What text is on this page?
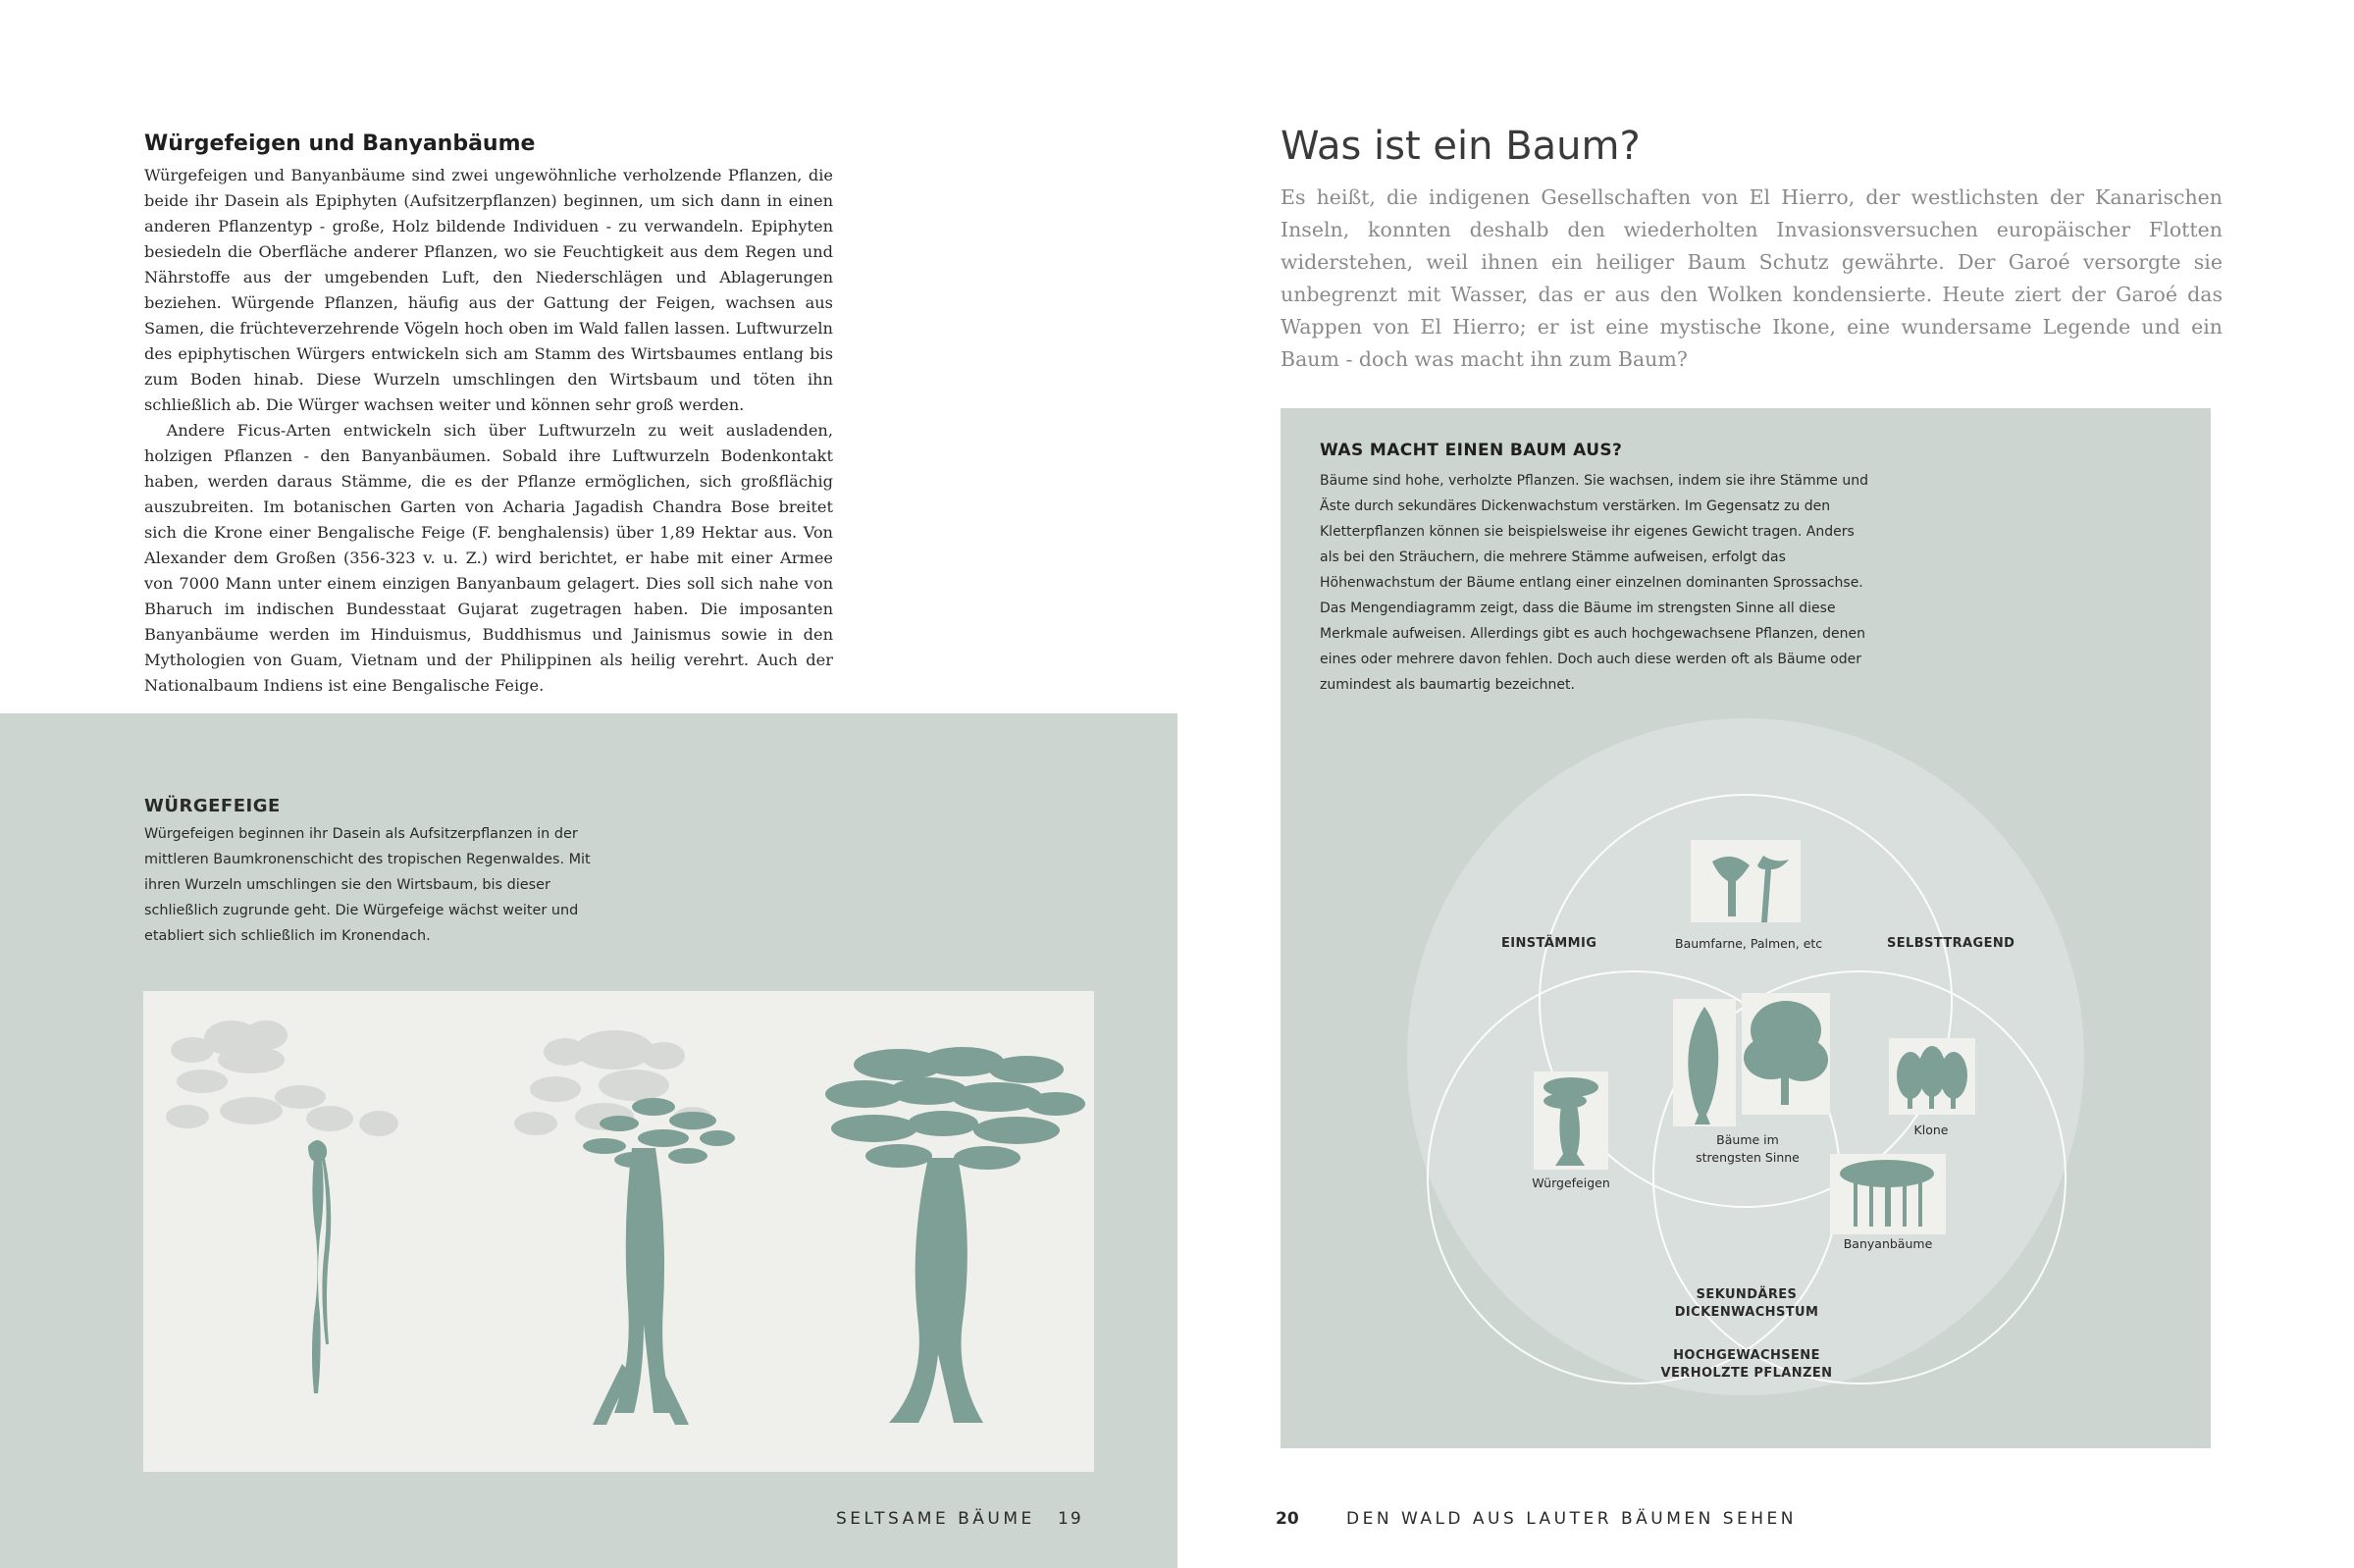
Würgefeigen und Banyanbäume

Würgefeigen und Banyanbäume sind zwei ungewöhnliche verholzende Pflanzen, die beide ihr Dasein als Epiphyten (Aufsitzerpflanzen) beginnen, um sich dann in einen anderen Pflanzentyp - große, Holz bildende Individuen - zu verwandeln. Epiphyten besiedeln die Oberfläche anderer Pflanzen, wo sie Feuchtigkeit aus dem Regen und Nährstoffe aus der umgebenden Luft, den Niederschlägen und Ablagerungen beziehen. Würgende Pflanzen, häufig aus der Gattung der Feigen, wachsen aus Samen, die früchteverzehrende Vögeln hoch oben im Wald fallen lassen. Luftwurzeln des epiphytischen Würgers entwickeln sich am Stamm des Wirtsbaumes entlang bis zum Boden hinab. Diese Wurzeln umschlingen den Wirtsbaum und töten ihn schließlich ab. Die Würger wachsen weiter und können sehr groß werden.

Andere Ficus-Arten entwickeln sich über Luftwurzeln zu weit ausladenden, holzigen Pflanzen - den Banyanbäumen. Sobald ihre Luftwurzeln Bodenkontakt haben, werden daraus Stämme, die es der Pflanze ermöglichen, sich großflächig auszubreiten. Im botanischen Garten von Acharia Jagadish Chandra Bose breitet sich die Krone einer Bengalische Feige (F. benghalensis) über 1,89 Hektar aus. Von Alexander dem Großen (356-323 v. u. Z.) wird berichtet, er habe mit einer Armee von 7000 Mann unter einem einzigen Banyanbaum gelagert. Dies soll sich nahe von Bharuch im indischen Bundesstaat Gujarat zugetragen haben. Die imposanten Banyanbäume werden im Hinduismus, Buddhismus und Jainismus sowie in den Mythologien von Guam, Vietnam und der Philippinen als heilig verehrt. Auch der Nationalbaum Indiens ist eine Bengalische Feige.

WÜRGEFEIGE
Würgefeigen beginnen ihr Dasein als Aufsitzerpflanzen in der mittleren Baumkronenschicht des tropischen Regenwaldes. Mit ihren Wurzeln umschlingen sie den Wirtsbaum, bis dieser schließlich zugrunde geht. Die Würgefeige wächst weiter und etabliert sich schließlich im Kronendach.
SELTSAME BÄUME 19
Was ist ein Baum?
Es heißt, die indigenen Gesellschaften von El Hierro, der westlichsten der Kanarischen Inseln, konnten deshalb den wiederholten Invasionsversuchen europäischer Flotten widerstehen, weil ihnen ein heiliger Baum Schutz gewährte. Der Garoé versorgte sie unbegrenzt mit Wasser, das er aus den Wolken kondensierte. Heute ziert der Garoé das Wappen von El Hierro; er ist eine mystische Ikone, eine wundersame Legende und ein Baum - doch was macht ihn zum Baum?
WAS MACHT EINEN BAUM AUS?
Bäume sind hohe, verholzte Pflanzen. Sie wachsen, indem sie ihre Stämme und Äste durch sekundäres Dickenwachstum verstärken. Im Gegensatz zu den Kletterpflanzen können sie beispielsweise ihr eigenes Gewicht tragen. Anders als bei den Sträuchern, die mehrere Stämme aufweisen, erfolgt das Höhenwachstum der Bäume entlang einer einzelnen dominanten Sprossachse. Das Mengendiagramm zeigt, dass die Bäume im strengsten Sinne all diese Merkmale aufweisen. Allerdings gibt es auch hochgewachsene Pflanzen, denen eines oder mehrere davon fehlen. Doch auch diese werden oft als Bäume oder zumindest als baumartig bezeichnet.
EINSTÄMMIG	SELBSTTRAGEND
Baumfarne, Palmen, etc
Klone
Bäume im
strengsten Sinne
Würgefeigen
Banyanbäume
SEKUNDÄRES
DICKENWACHSTUM
HOCHGEWACHSENE
VERHOLZTE PFLANZEN
20	DEN WALD AUS LAUTER BÄUMEN SEHEN
